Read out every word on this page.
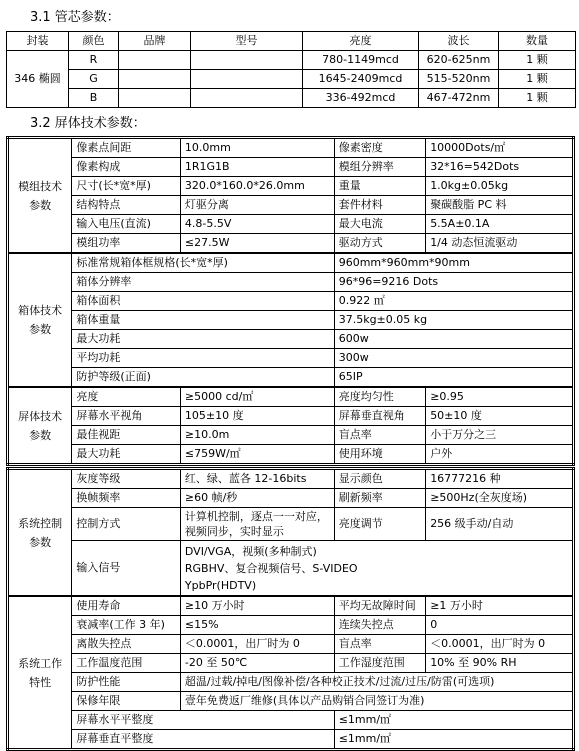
3.1 管芯参数：
封装	颜色	品牌	型号	亮度	波长	数量
346 椭圆	R			780-1149mcd	620-625nm	1 颗
	G			1645-2409mcd	515-520nm	1 颗
	B			336-492mcd	467-472nm	1 颗
3.2 屏体技术参数：
模组技术参数	像素点间距	10.0mm	像素密度	10000Dots/㎡
	像素构成	1R1G1B	模组分辨率	32*16=542Dots
	尺寸(长*宽*厚)	320.0*160.0*26.0mm	重量	1.0kg±0.05kg
	结构特点	灯驱分离	套件材料	聚碳酸脂 PC 料
	输入电压(直流)	4.8-5.5V	最大电流	5.5A±0.1A
	模组功率	≤27.5W	驱动方式	1/4 动态恒流驱动
箱体技术参数	标准常规箱体框规格(长*宽*厚)		960mm*960mm*90mm	
	箱体分辨率		96*96=9216 Dots	
	箱体面积		0.922 ㎡	
	箱体重量		37.5kg±0.05 kg	
	最大功耗		600w	
	平均功耗		300w	
	防护等级(正面)		65IP	
屏体技术参数	亮度	≥5000 cd/㎡	亮度均匀性	≥0.95
	屏幕水平视角	105±10 度	屏幕垂直视角	50±10 度
	最佳视距	≥10.0m	盲点率	小于万分之三
	最大功耗	≤759W/㎡	使用环境	户外
系统控制参数	灰度等级	红、绿、蓝各 12-16bits	显示颜色	16777216 种
	换帧频率	≥60 帧/秒	刷新频率	≥500Hz(全灰度场)
	控制方式	计算机控制，逐点一一对应，视频同步，实时显示	亮度调节	256 级手动/自动
	输入信号	DVI/VGA，视频(多种制式)
RGBHV、复合视频信号、S-VIDEO
YpbPr(HDTV)		

系统工作特性	使用寿命	≥10 万小时	平均无故障时间	≥1 万小时
	衰减率(工作 3 年)	≤15%	连续失控点	0
	离散失控点	＜0.0001，出厂时为 0	盲点率	＜0.0001，出厂时为 0
	工作温度范围	-20 至 50℃	工作湿度范围	10% 至 90% RH
	防护性能	超温/过载/掉电/图像补偿/各种校正技术/过流/过压/防雷(可选项)		
	保修年限	壹年免费返厂维修(具体以产品购销合同签订为准)		
	屏幕水平平整度		≤1mm/㎡	
	屏幕垂直平整度		≤1mm/㎡	
